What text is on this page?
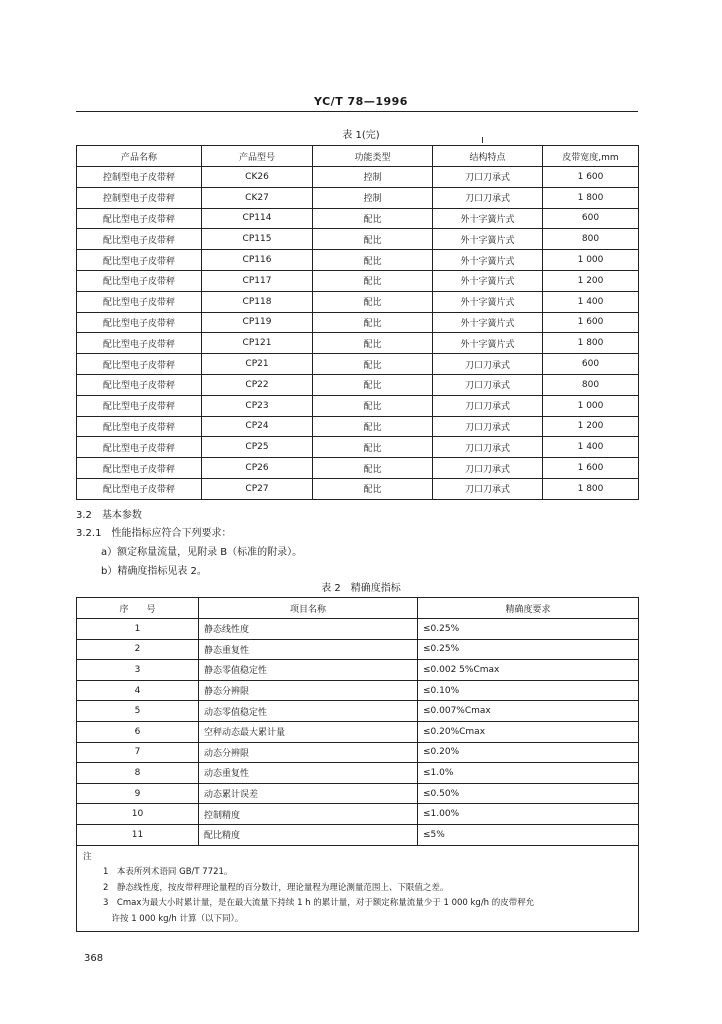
YC/T 78—1996
表 1(完)
产品名称	产品型号	功能类型	结构特点	皮带宽度,mm
控制型电子皮带秤	CK26	控制	刀口刀承式	1 600
控制型电子皮带秤	CK27	控制	刀口刀承式	1 800
配比型电子皮带秤	CP114	配比	外十字簧片式	600
配比型电子皮带秤	CP115	配比	外十字簧片式	800
配比型电子皮带秤	CP116	配比	外十字簧片式	1 000
配比型电子皮带秤	CP117	配比	外十字簧片式	1 200
配比型电子皮带秤	CP118	配比	外十字簧片式	1 400
配比型电子皮带秤	CP119	配比	外十字簧片式	1 600
配比型电子皮带秤	CP121	配比	外十字簧片式	1 800
配比型电子皮带秤	CP21	配比	刀口刀承式	600
配比型电子皮带秤	CP22	配比	刀口刀承式	800
配比型电子皮带秤	CP23	配比	刀口刀承式	1 000
配比型电子皮带秤	CP24	配比	刀口刀承式	1 200
配比型电子皮带秤	CP25	配比	刀口刀承式	1 400
配比型电子皮带秤	CP26	配比	刀口刀承式	1 600
配比型电子皮带秤	CP27	配比	刀口刀承式	1 800
3.2　基本参数
3.2.1　性能指标应符合下列要求：
a）额定称量流量，见附录 B（标准的附录）。
b）精确度指标见表 2。
表 2　精确度指标
序　　号	项目名称	精确度要求
1	静态线性度	≤0.25%
2	静态重复性	≤0.25%
3	静态零值稳定性	≤0.002 5%Cmax
4	静态分辨限	≤0.10%
5	动态零值稳定性	≤0.007%Cmax
6	空秤动态最大累计量	≤0.20%Cmax
7	动态分辨限	≤0.20%
8	动态重复性	≤1.0%
9	动态累计误差	≤0.50%
10	控制精度	≤1.00%
11	配比精度	≤5%

注
1　本表所列术语同 GB/T 7721。
2　静态线性度，按皮带秤理论量程的百分数计，理论量程为理论测量范围上、下限值之差。
3　Cmax为最大小时累计量，是在最大流量下持续 1 h 的累计量，对于额定称量流量少于 1 000 kg/h 的皮带秤允
　许按 1 000 kg/h 计算（以下同）。		
368
